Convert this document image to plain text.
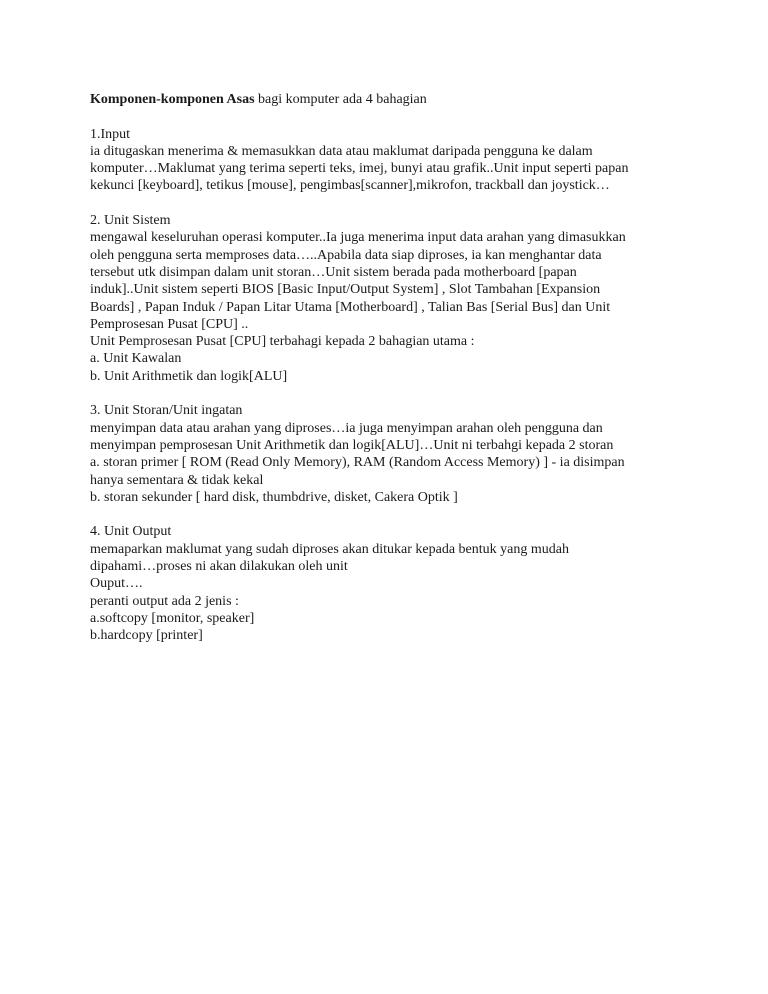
Komponen-komponen Asas bagi komputer ada 4 bahagian
1.Input
ia ditugaskan menerima & memasukkan data atau maklumat daripada pengguna ke dalam
komputer…Maklumat yang terima seperti teks, imej, bunyi atau grafik..Unit input seperti papan
kekunci [keyboard], tetikus [mouse], pengimbas[scanner],mikrofon, trackball dan joystick…
2. Unit Sistem
mengawal keseluruhan operasi komputer..Ia juga menerima input data arahan yang dimasukkan
oleh pengguna serta memproses data…..Apabila data siap diproses, ia kan menghantar data
tersebut utk disimpan dalam unit storan…Unit sistem berada pada motherboard [papan
induk]..Unit sistem seperti BIOS [Basic Input/Output System] , Slot Tambahan [Expansion
Boards] , Papan Induk / Papan Litar Utama [Motherboard] , Talian Bas [Serial Bus] dan Unit
Pemprosesan Pusat [CPU] ..
Unit Pemprosesan Pusat [CPU] terbahagi kepada 2 bahagian utama :
a. Unit Kawalan
b. Unit Arithmetik dan logik[ALU]
3. Unit Storan/Unit ingatan
menyimpan data atau arahan yang diproses…ia juga menyimpan arahan oleh pengguna dan
menyimpan pemprosesan Unit Arithmetik dan logik[ALU]…Unit ni terbahgi kepada 2 storan
a. storan primer [ ROM (Read Only Memory), RAM (Random Access Memory) ] - ia disimpan
hanya sementara & tidak kekal
b. storan sekunder [ hard disk, thumbdrive, disket, Cakera Optik ]
4. Unit Output
memaparkan maklumat yang sudah diproses akan ditukar kepada bentuk yang mudah
dipahami…proses ni akan dilakukan oleh unit
Ouput….
peranti output ada 2 jenis :
a.softcopy [monitor, speaker]
b.hardcopy [printer]
